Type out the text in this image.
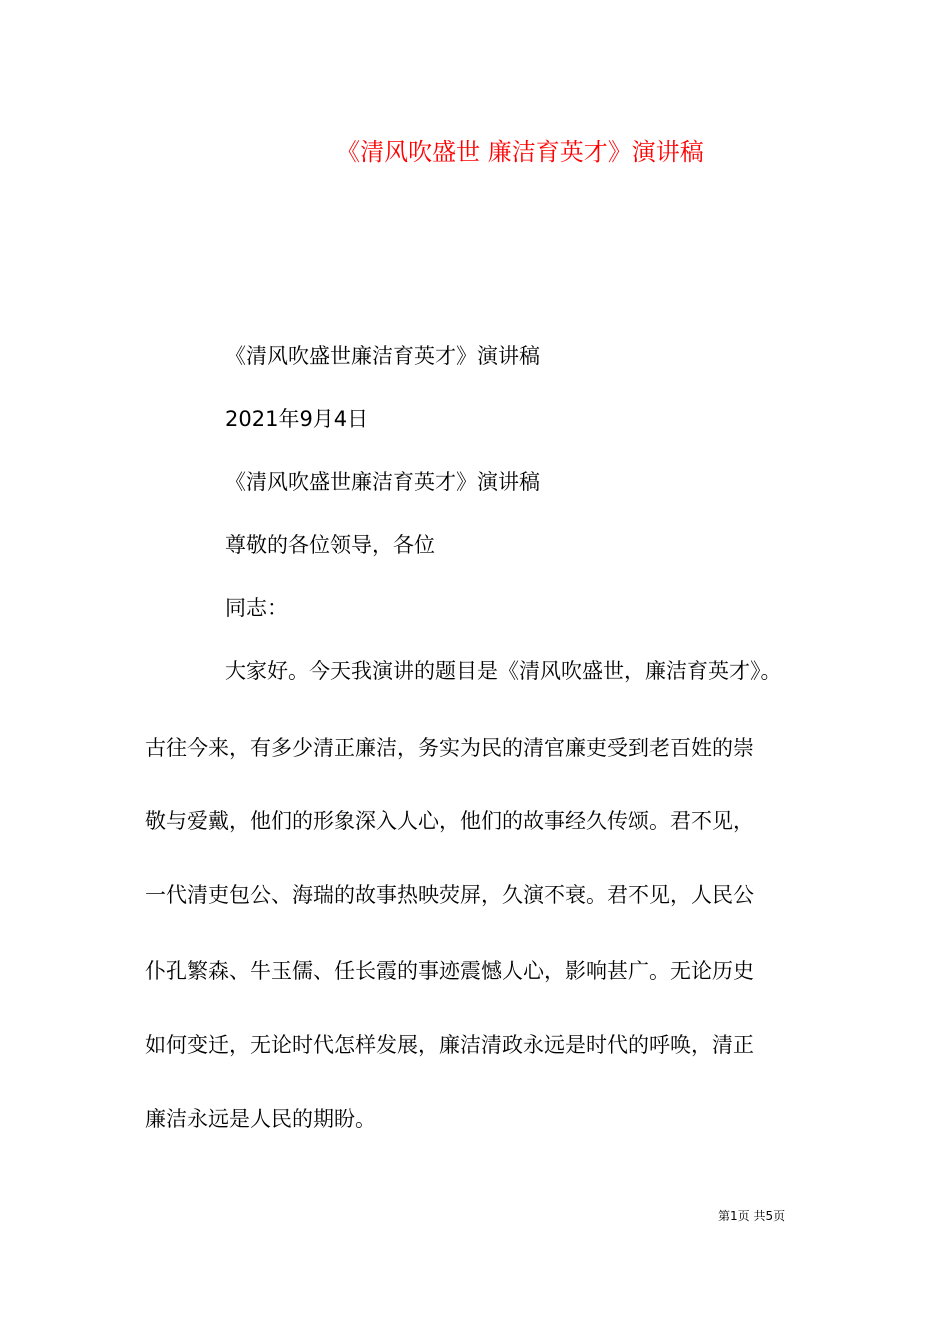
《清风吹盛世 廉洁育英才》演讲稿
《清风吹盛世廉洁育英才》演讲稿
2021年9月4日
《清风吹盛世廉洁育英才》演讲稿
尊敬的各位领导，各位
同志：
大家好。今天我演讲的题目是《清风吹盛世，廉洁育英才》。
古往今来，有多少清正廉洁，务实为民的清官廉吏受到老百姓的崇
敬与爱戴，他们的形象深入人心，他们的故事经久传颂。君不见，
一代清吏包公、海瑞的故事热映荧屏，久演不衰。君不见，人民公
仆孔繁森、牛玉儒、任长霞的事迹震憾人心，影响甚广。无论历史
如何变迁，无论时代怎样发展，廉洁清政永远是时代的呼唤，清正
廉洁永远是人民的期盼。
第1页 共5页
